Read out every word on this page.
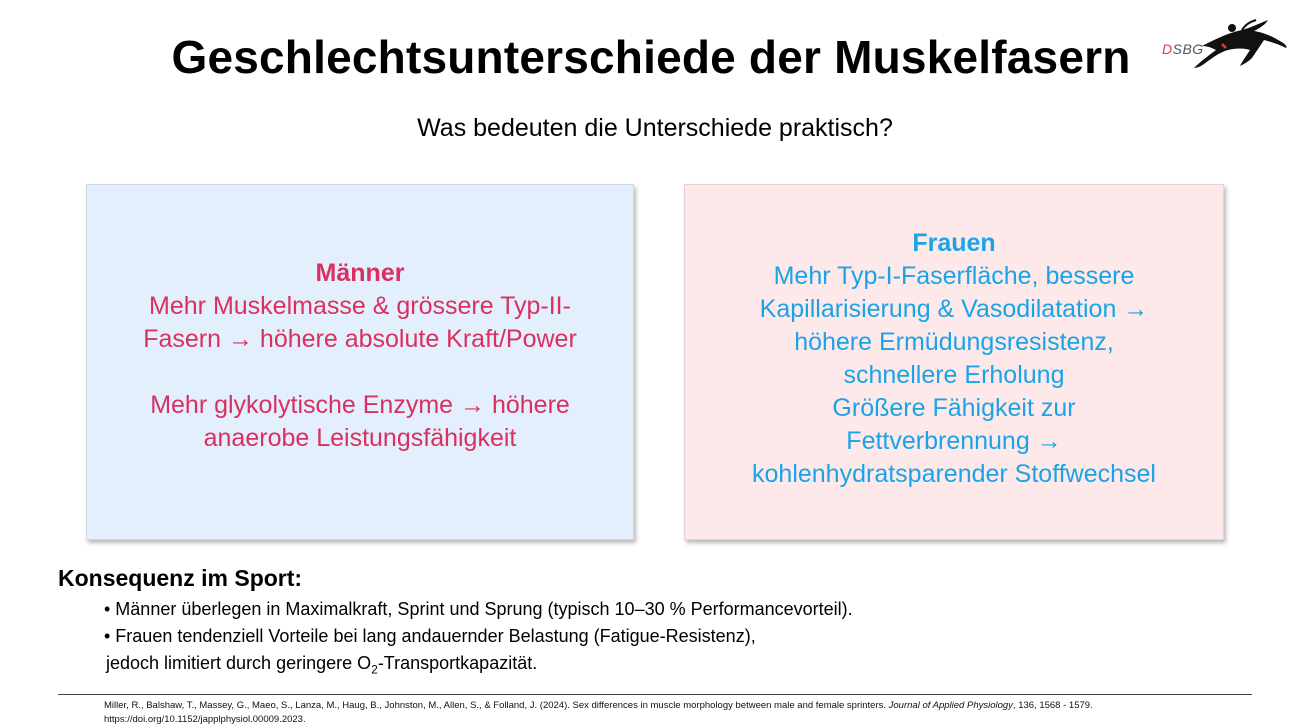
Geschlechtsunterschiede der Muskelfasern	DSBG
Was bedeuten die Unterschiede praktisch?
Männer
Mehr Muskelmasse & grössere Typ-II-
Fasern → höhere absolute Kraft/Power
Mehr glykolytische Enzyme → höhere
anaerobe Leistungsfähigkeit
Frauen
Mehr Typ-I-Faserfläche, bessere
Kapillarisierung & Vasodilatation →
höhere Ermüdungsresistenz,
schnellere Erholung
Größere Fähigkeit zur
Fettverbrennung →
kohlenhydratsparender Stoffwechsel
Konsequenz im Sport:
• Männer überlegen in Maximalkraft, Sprint und Sprung (typisch 10–30 % Performancevorteil).
• Frauen tendenziell Vorteile bei lang andauernder Belastung (Fatigue-Resistenz),
jedoch limitiert durch geringere $O_2$-Transportkapazität.
Miller, R., Balshaw, T., Massey, G., Maeo, S., Lanza, M., Haug, B., Johnston, M., Allen, S., & Folland, J. (2024). Sex differences in muscle morphology between male and female sprinters. Journal of Applied Physiology, 136, 1568 - 1579.
https://doi.org/10.1152/japplphysiol.00009.2023.
